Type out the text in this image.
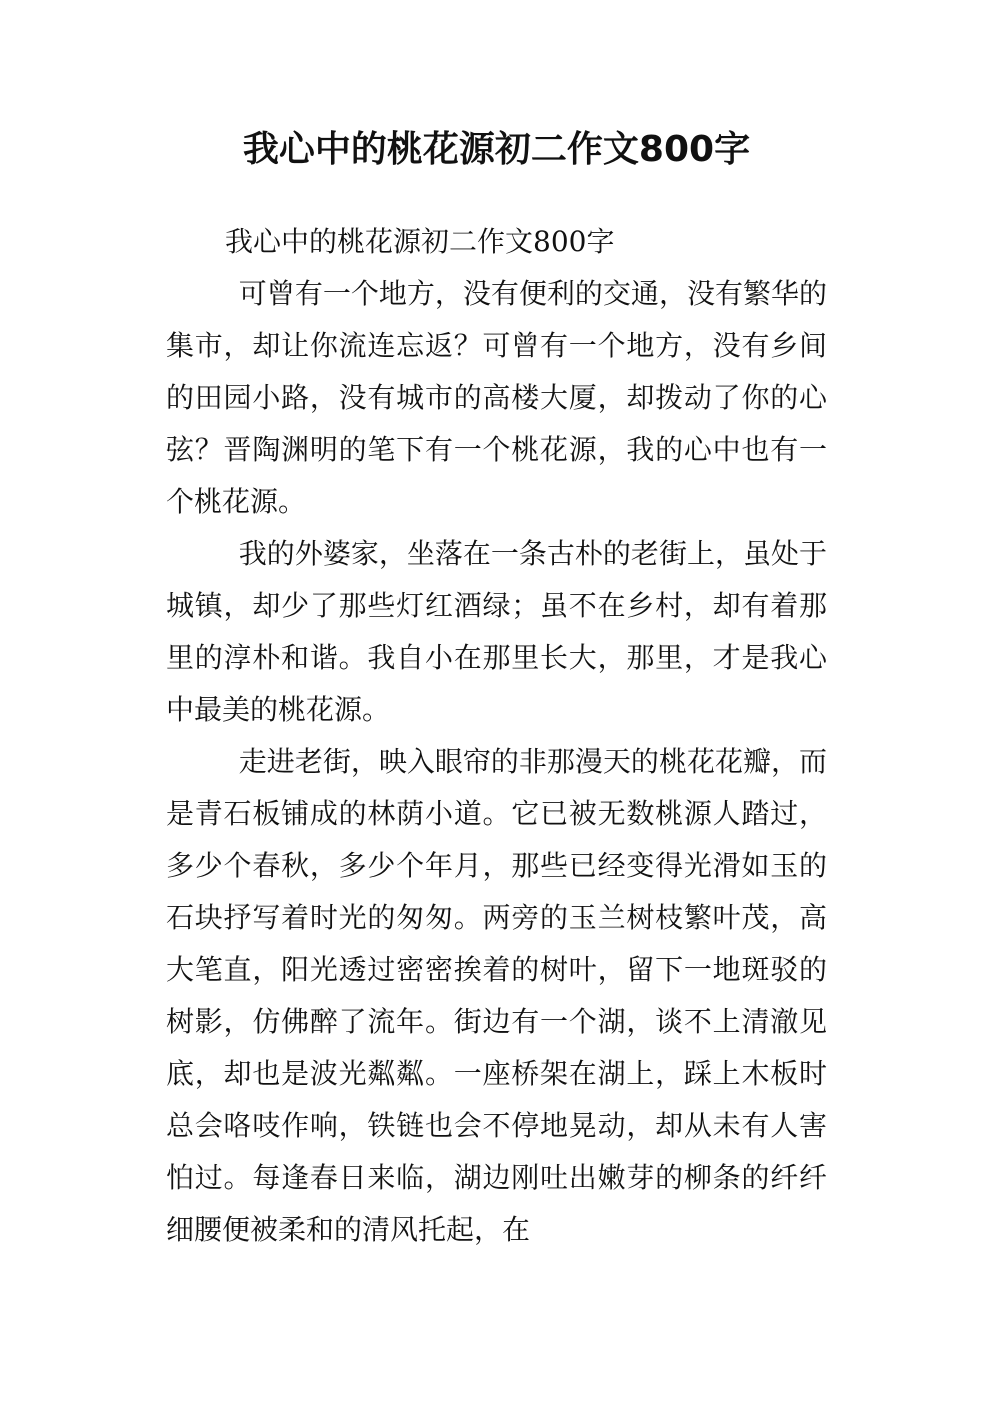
我心中的桃花源初二作文800字

我心中的桃花源初二作文800字

可曾有一个地方，没有便利的交通，没有繁华的集市，却让你流连忘返？可曾有一个地方，没有乡间的田园小路，没有城市的高楼大厦，却拨动了你的心弦？晋陶渊明的笔下有一个桃花源，我的心中也有一个桃花源。

我的外婆家，坐落在一条古朴的老街上，虽处于城镇，却少了那些灯红酒绿；虽不在乡村，却有着那里的淳朴和谐。我自小在那里长大，那里，才是我心中最美的桃花源。

走进老街，映入眼帘的非那漫天的桃花花瓣，而是青石板铺成的林荫小道。它已被无数桃源人踏过，多少个春秋，多少个年月，那些已经变得光滑如玉的石块抒写着时光的匆匆。两旁的玉兰树枝繁叶茂，高大笔直，阳光透过密密挨着的树叶，留下一地斑驳的树影，仿佛醉了流年。街边有一个湖，谈不上清澈见底，却也是波光粼粼。一座桥架在湖上，踩上木板时总会咯吱作响，铁链也会不停地晃动，却从未有人害怕过。每逢春日来临，湖边刚吐出嫩芽的柳条的纤纤细腰便被柔和的清风托起，在
